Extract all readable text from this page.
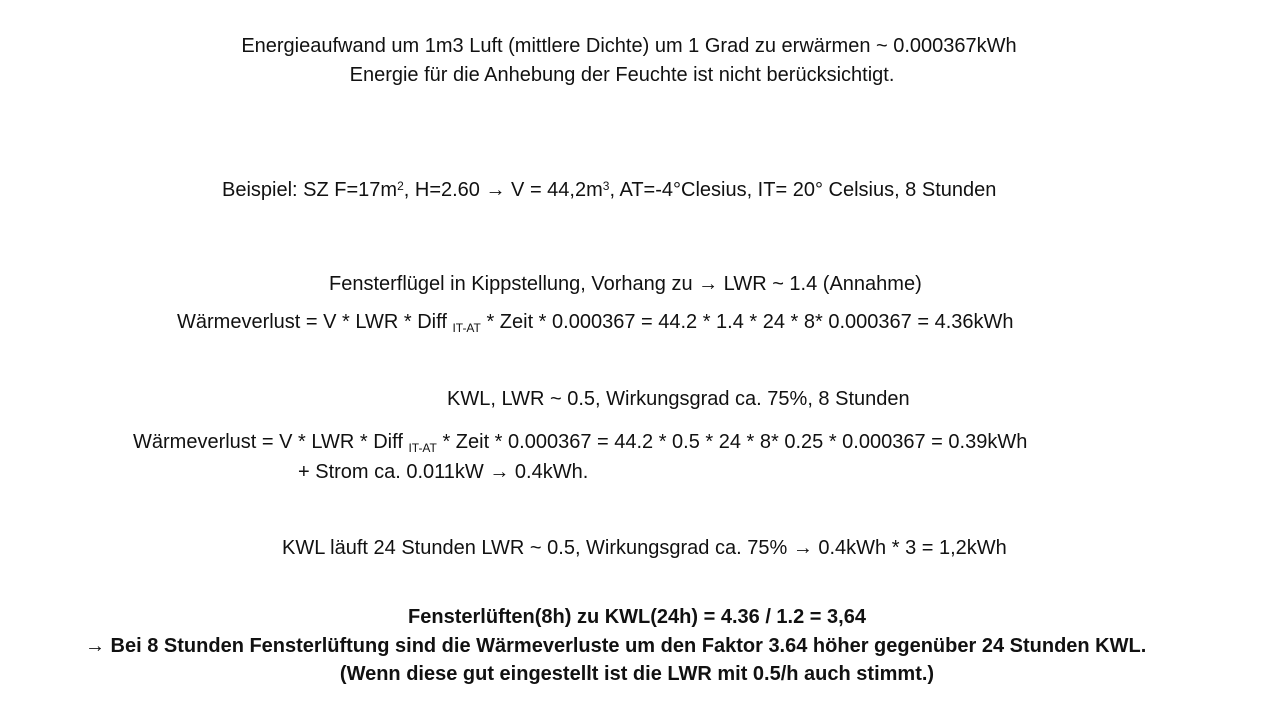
Energieaufwand um 1m3 Luft (mittlere Dichte) um 1 Grad zu erwärmen ~ 0.000367kWh
Energie für die Anhebung der Feuchte ist nicht berücksichtigt.
Beispiel: SZ $F=17m^2$, $H=2.60 \to V = 44,2m^3$, AT=-4°Clesius, IT= 20° Celsius, 8 Stunden
Fensterflügel in Kippstellung, Vorhang zu → LWR ~ 1.4 (Annahme)
Wärmeverlust = V * LWR * Diff $_{IT-AT}$ * Zeit * 0.000367 = 44.2 * 1.4 * 24 * 8* 0.000367 = 4.36kWh
KWL, LWR ~ 0.5, Wirkungsgrad ca. 75%, 8 Stunden
Wärmeverlust = V * LWR * Diff $_{IT-AT}$ * Zeit * 0.000367 = 44.2 * 0.5 * 24 * 8* 0.25 * 0.000367 = 0.39kWh
+ Strom ca. 0.011kW → 0.4kWh.
KWL läuft 24 Stunden LWR ~ 0.5, Wirkungsgrad ca. 75% → 0.4kWh * 3 = 1,2kWh
Fensterlüften(8h) zu KWL(24h) = 4.36 / 1.2 = 3,64
→ Bei 8 Stunden Fensterlüftung sind die Wärmeverluste um den Faktor 3.64 höher gegenüber 24 Stunden KWL.
(Wenn diese gut eingestellt ist die LWR mit 0.5/h auch stimmt.)
